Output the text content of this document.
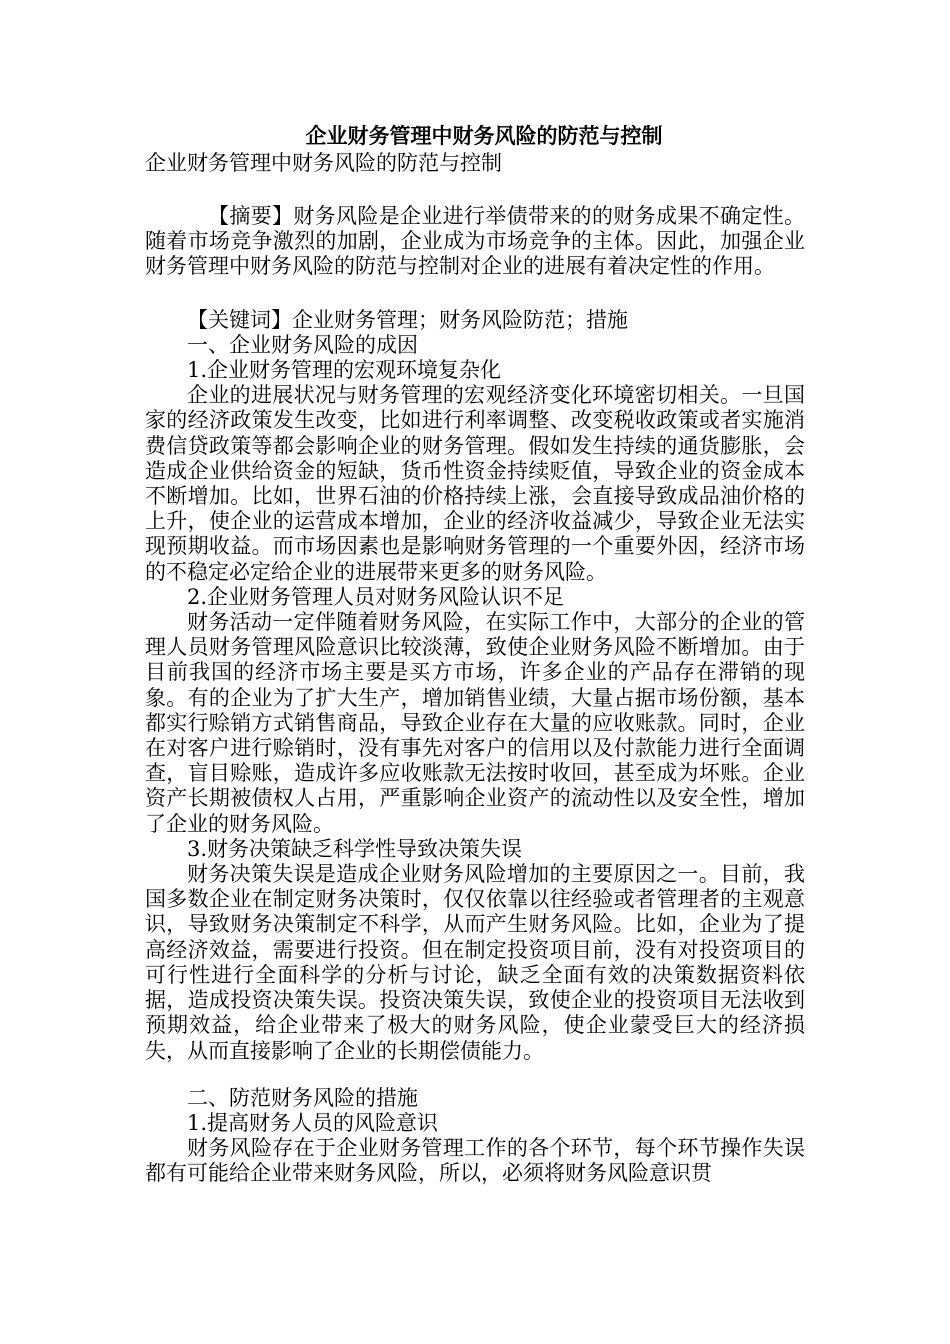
企业财务管理中财务风险的防范与控制

企业财务管理中财务风险的防范与控制

【摘要】财务风险是企业进行举债带来的的财务成果不确定性。随着市场竞争激烈的加剧，企业成为市场竞争的主体。因此，加强企业财务管理中财务风险的防范与控制对企业的进展有着决定性的作用。

【关键词】企业财务管理；财务风险防范；措施

一、企业财务风险的成因

1.企业财务管理的宏观环境复杂化

企业的进展状况与财务管理的宏观经济变化环境密切相关。一旦国家的经济政策发生改变，比如进行利率调整、改变税收政策或者实施消费信贷政策等都会影响企业的财务管理。假如发生持续的通货膨胀，会造成企业供给资金的短缺，货币性资金持续贬值，导致企业的资金成本不断增加。比如，世界石油的价格持续上涨，会直接导致成品油价格的上升，使企业的运营成本增加，企业的经济收益减少，导致企业无法实现预期收益。而市场因素也是影响财务管理的一个重要外因，经济市场的不稳定必定给企业的进展带来更多的财务风险。

2.企业财务管理人员对财务风险认识不足

财务活动一定伴随着财务风险，在实际工作中，大部分的企业的管理人员财务管理风险意识比较淡薄，致使企业财务风险不断增加。由于目前我国的经济市场主要是买方市场，许多企业的产品存在滞销的现象。有的企业为了扩大生产，增加销售业绩，大量占据市场份额，基本都实行赊销方式销售商品，导致企业存在大量的应收账款。同时，企业在对客户进行赊销时，没有事先对客户的信用以及付款能力进行全面调查，盲目赊账，造成许多应收账款无法按时收回，甚至成为坏账。企业资产长期被债权人占用，严重影响企业资产的流动性以及安全性，增加了企业的财务风险。

3.财务决策缺乏科学性导致决策失误

财务决策失误是造成企业财务风险增加的主要原因之一。目前，我国多数企业在制定财务决策时，仅仅依靠以往经验或者管理者的主观意识，导致财务决策制定不科学，从而产生财务风险。比如，企业为了提高经济效益，需要进行投资。但在制定投资项目前，没有对投资项目的可行性进行全面科学的分析与讨论，缺乏全面有效的决策数据资料依据，造成投资决策失误。投资决策失误，致使企业的投资项目无法收到预期效益，给企业带来了极大的财务风险，使企业蒙受巨大的经济损失，从而直接影响了企业的长期偿债能力。

二、防范财务风险的措施

1.提高财务人员的风险意识

财务风险存在于企业财务管理工作的各个环节，每个环节操作失误都有可能给企业带来财务风险，所以，必须将财务风险意识贯
